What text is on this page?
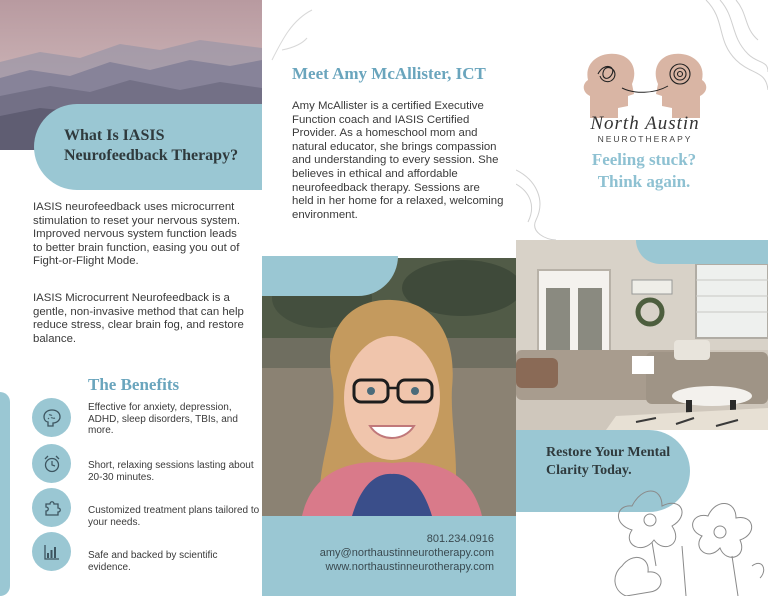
What Is IASIS Neurofeedback Therapy?

IASIS neurofeedback uses microcurrent stimulation to reset your nervous system. Improved nervous system function leads to better brain function, easing you out of Fight-or-Flight Mode.

IASIS Microcurrent Neurofeedback is a gentle, non-invasive method that can help reduce stress, clear brain fog, and restore balance.

The Benefits
Effective for anxiety, depression, ADHD, sleep disorders, TBIs, and more.
Short, relaxing sessions lasting about 20-30 minutes.
Customized treatment plans tailored to your needs.
Safe and backed by scientific evidence.
Meet Amy McAllister, ICT

Amy McAllister is a certified Executive Function coach and IASIS Certified Provider. As a homeschool mom and natural educator, she brings compassion and understanding to every session. She believes in ethical and affordable neurofeedback therapy. Sessions are held in her home for a relaxed, welcoming environment.

801.234.0916
amy@northaustinneurotherapy.com
www.northaustinneurotherapy.com
North Austin
NEUROTHERAPY
Feeling stuck?
Think again.
Restore Your Mental Clarity Today.
